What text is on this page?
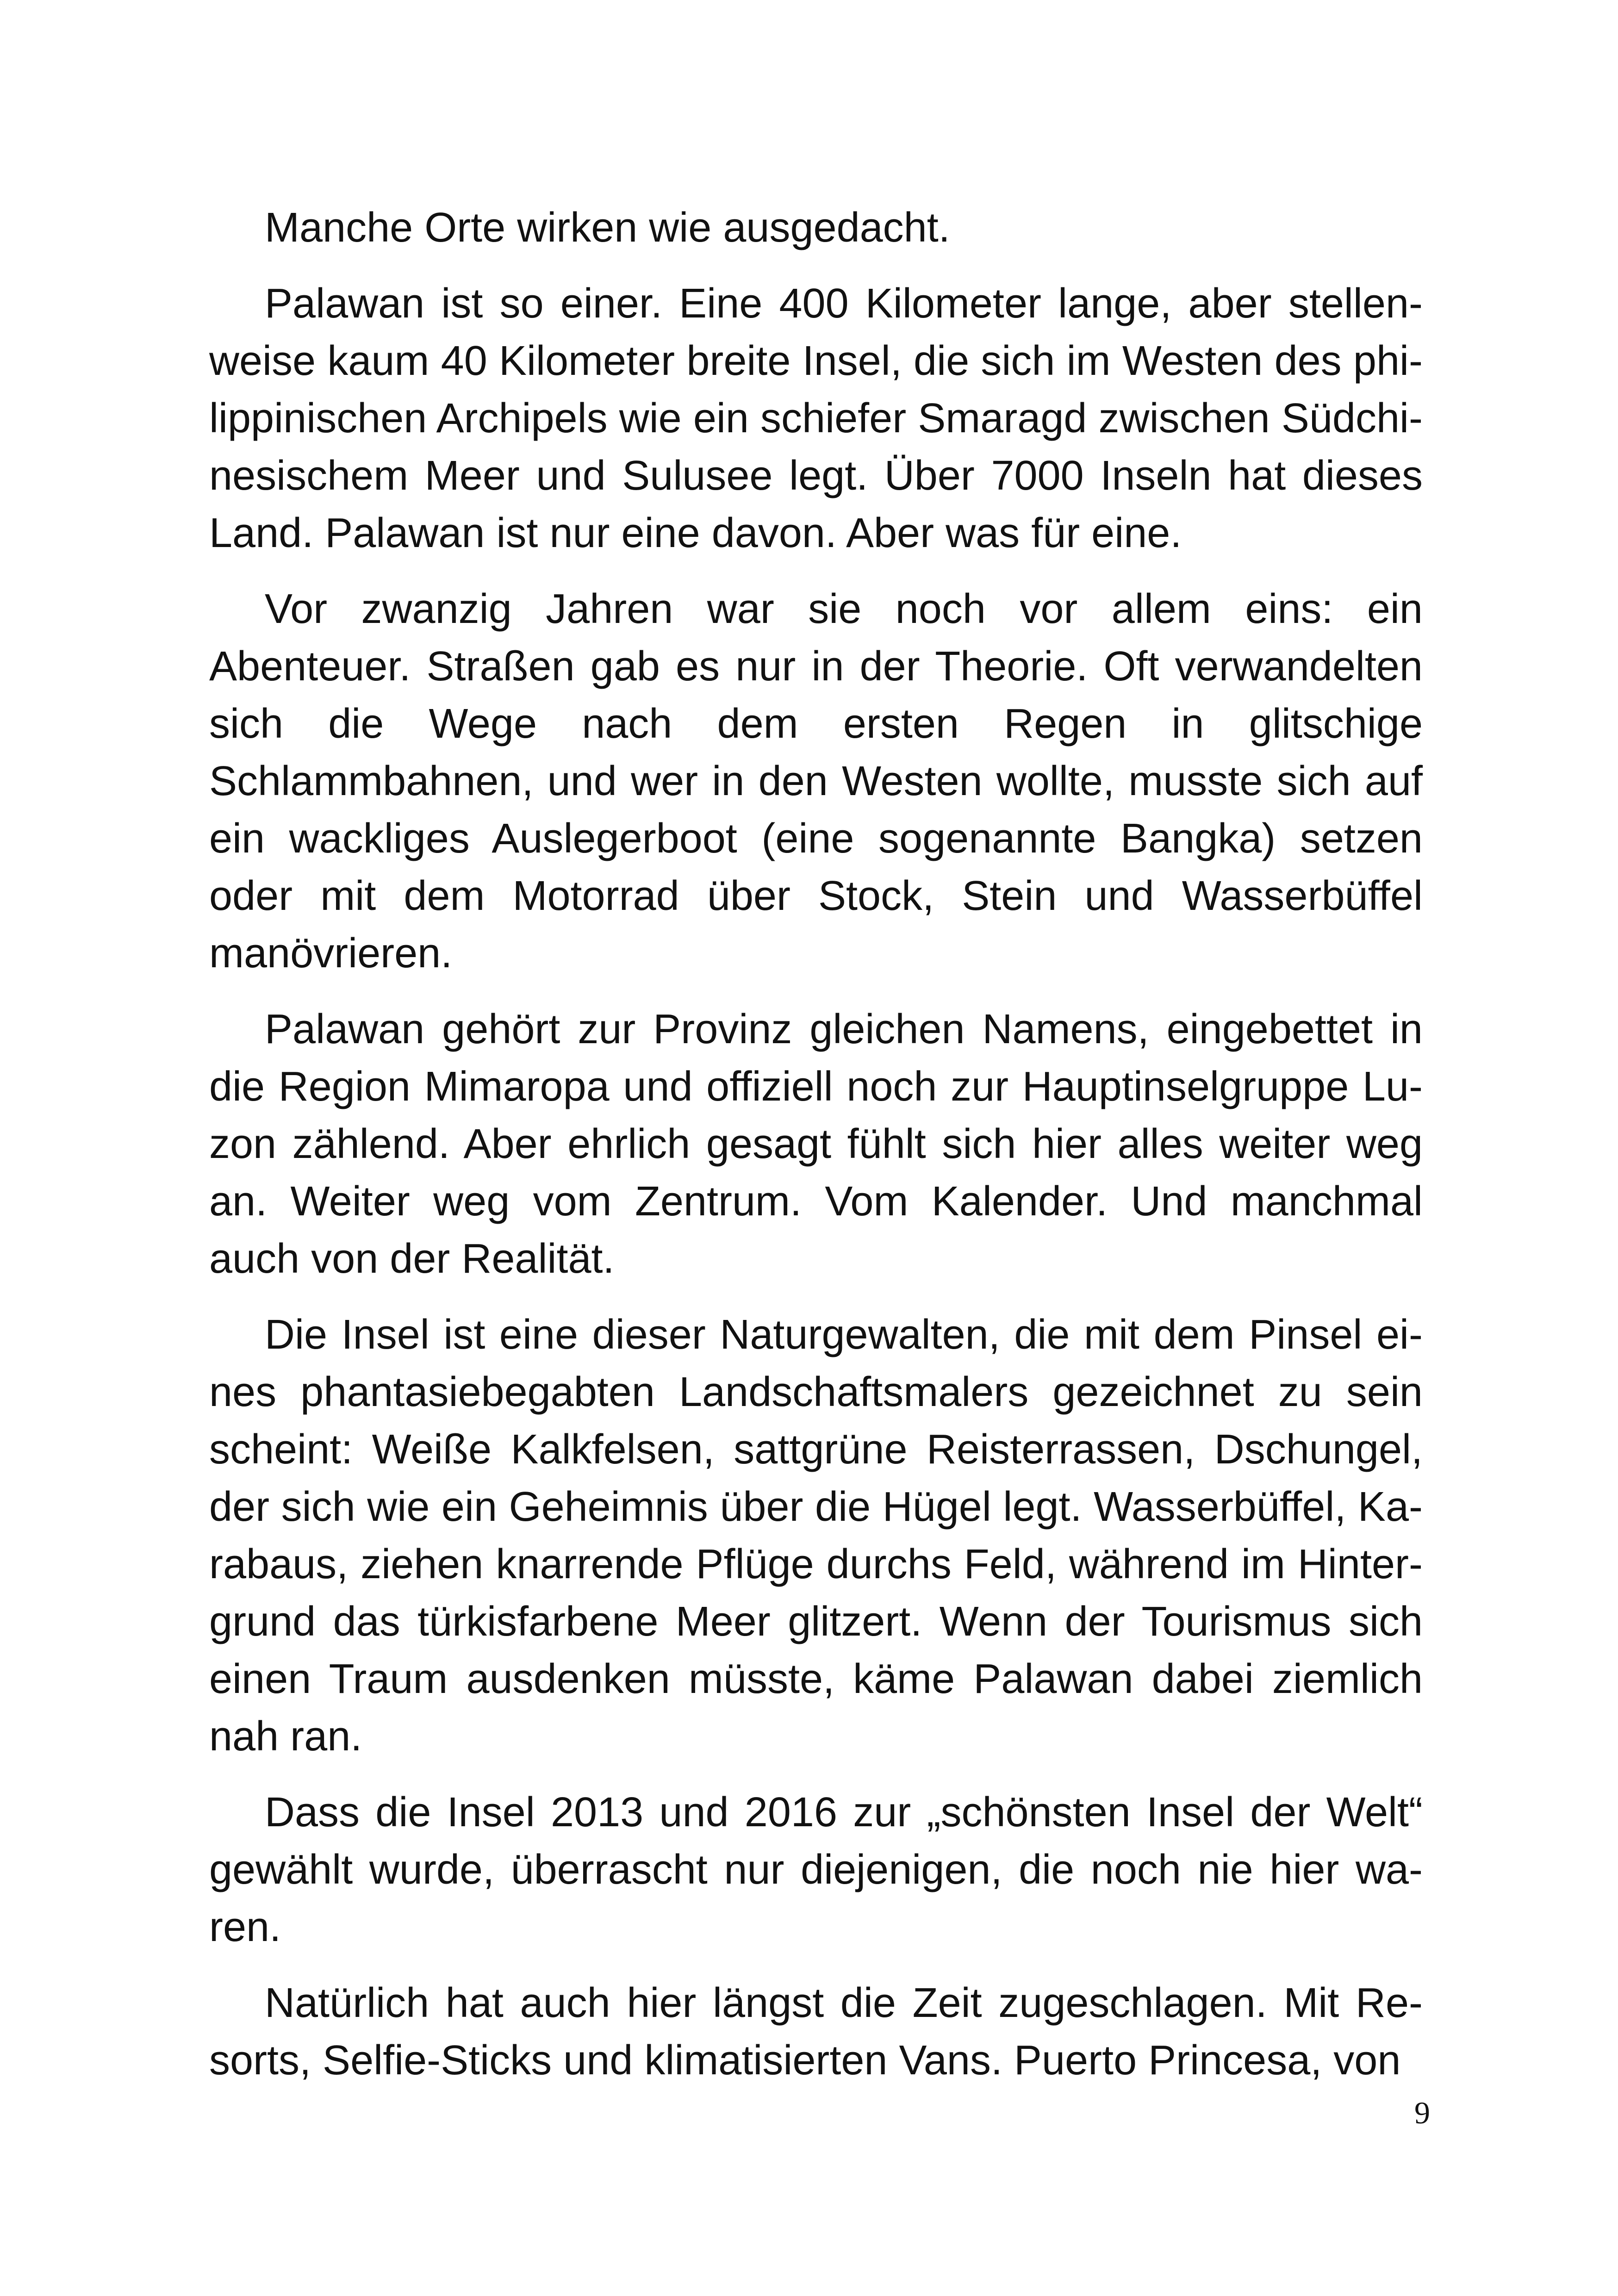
Manche Orte wirken wie ausgedacht.

Palawan ist so einer. Eine 400 Kilometer lange, aber stellenweise kaum 40 Kilometer breite Insel, die sich im Westen des philippinischen Archipels wie ein schiefer Smaragd zwischen Südchinesischem Meer und Sulusee legt. Über 7000 Inseln hat dieses Land. Palawan ist nur eine davon. Aber was für eine.

Vor zwanzig Jahren war sie noch vor allem eins: ein Abenteuer. Straßen gab es nur in der Theorie. Oft verwandelten sich die Wege nach dem ersten Regen in glitschige Schlammbahnen, und wer in den Westen wollte, musste sich auf ein wackliges Auslegerboot (eine sogenannte Bangka) setzen oder mit dem Motorrad über Stock, Stein und Wasserbüffel manövrieren.

Palawan gehört zur Provinz gleichen Namens, eingebettet in die Region Mimaropa und offiziell noch zur Hauptinselgruppe Luzon zählend. Aber ehrlich gesagt fühlt sich hier alles weiter weg an. Weiter weg vom Zentrum. Vom Kalender. Und manchmal auch von der Realität.

Die Insel ist eine dieser Naturgewalten, die mit dem Pinsel eines phantasiebegabten Landschaftsmalers gezeichnet zu sein scheint: Weiße Kalkfelsen, sattgrüne Reisterrassen, Dschungel, der sich wie ein Geheimnis über die Hügel legt. Wasserbüffel, Karabaus, ziehen knarrende Pflüge durchs Feld, während im Hintergrund das türkisfarbene Meer glitzert. Wenn der Tourismus sich einen Traum ausdenken müsste, käme Palawan dabei ziemlich nah ran.

Dass die Insel 2013 und 2016 zur „schönsten Insel der Welt“ gewählt wurde, überrascht nur diejenigen, die noch nie hier waren.

Natürlich hat auch hier längst die Zeit zugeschlagen. Mit Resorts, Selfie-Sticks und klimatisierten Vans. Puerto Princesa, von

9
